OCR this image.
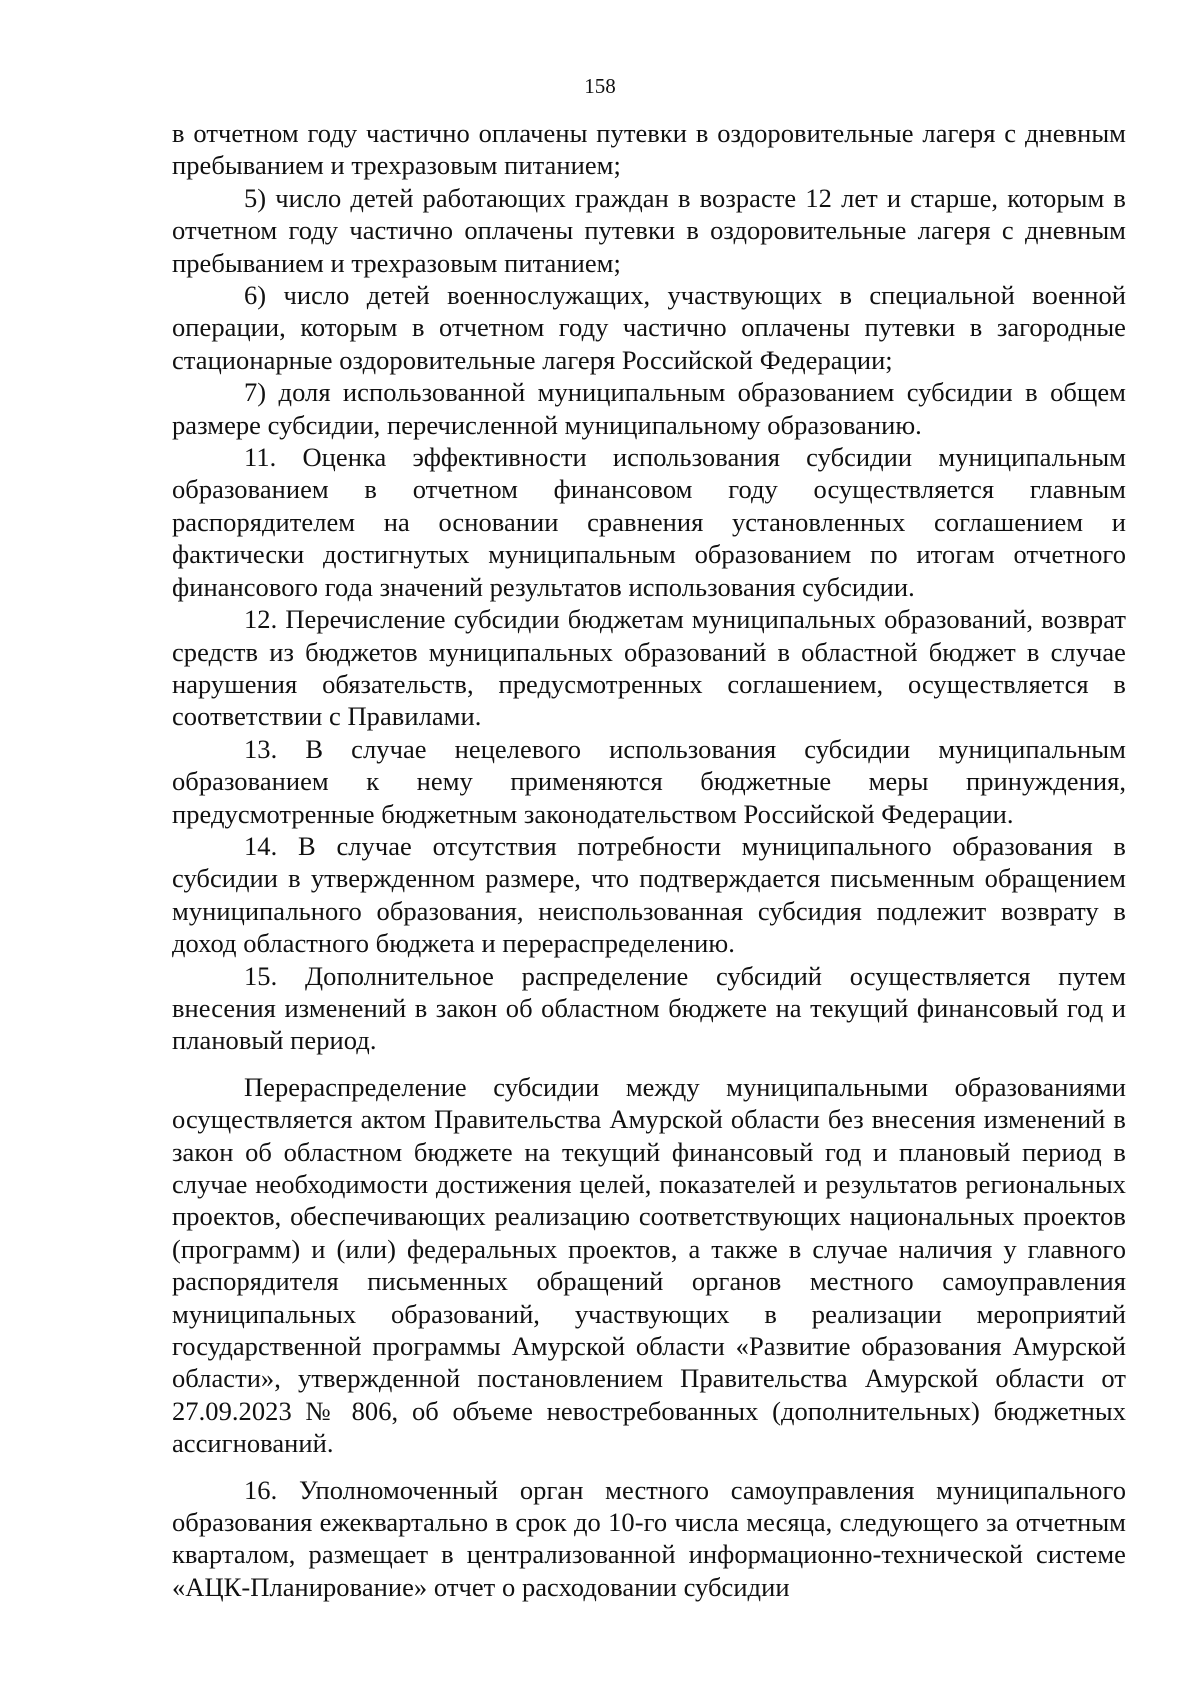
158

в отчетном году частично оплачены путевки в оздоровительные лагеря с дневным пребыванием и трехразовым питанием;

5) число детей работающих граждан в возрасте 12 лет и старше, которым в отчетном году частично оплачены путевки в оздоровительные лагеря с дневным пребыванием и трехразовым питанием;

6) число детей военнослужащих, участвующих в специальной военной операции, которым в отчетном году частично оплачены путевки в загородные стационарные оздоровительные лагеря Российской Федерации;

7) доля использованной муниципальным образованием субсидии в общем размере субсидии, перечисленной муниципальному образованию.

11. Оценка эффективности использования субсидии муниципальным образованием в отчетном финансовом году осуществляется главным распорядителем на основании сравнения установленных соглашением и фактически достигнутых муниципальным образованием по итогам отчетного финансового года значений результатов использования субсидии.

12. Перечисление субсидии бюджетам муниципальных образований, возврат средств из бюджетов муниципальных образований в областной бюджет в случае нарушения обязательств, предусмотренных соглашением, осуществляется в соответствии с Правилами.

13. В случае нецелевого использования субсидии муниципальным образованием к нему применяются бюджетные меры принуждения, предусмотренные бюджетным законодательством Российской Федерации.

14. В случае отсутствия потребности муниципального образования в субсидии в утвержденном размере, что подтверждается письменным обращением муниципального образования, неиспользованная субсидия подлежит возврату в доход областного бюджета и перераспределению.

15. Дополнительное распределение субсидий осуществляется путем внесения изменений в закон об областном бюджете на текущий финансовый год и плановый период.

Перераспределение субсидии между муниципальными образованиями осуществляется актом Правительства Амурской области без внесения изменений в закон об областном бюджете на текущий финансовый год и плановый период в случае необходимости достижения целей, показателей и результатов региональных проектов, обеспечивающих реализацию соответствующих национальных проектов (программ) и (или) федеральных проектов, а также в случае наличия у главного распорядителя письменных обращений органов местного самоуправления муниципальных образований, участвующих в реализации мероприятий государственной программы Амурской области «Развитие образования Амурской области», утвержденной постановлением Правительства Амурской области от 27.09.2023 № 806, об объеме невостребованных (дополнительных) бюджетных ассигнований.

16. Уполномоченный орган местного самоуправления муниципального образования ежеквартально в срок до 10-го числа месяца, следующего за отчетным кварталом, размещает в централизованной информационно-технической системе «АЦК-Планирование» отчет о расходовании субсидии
